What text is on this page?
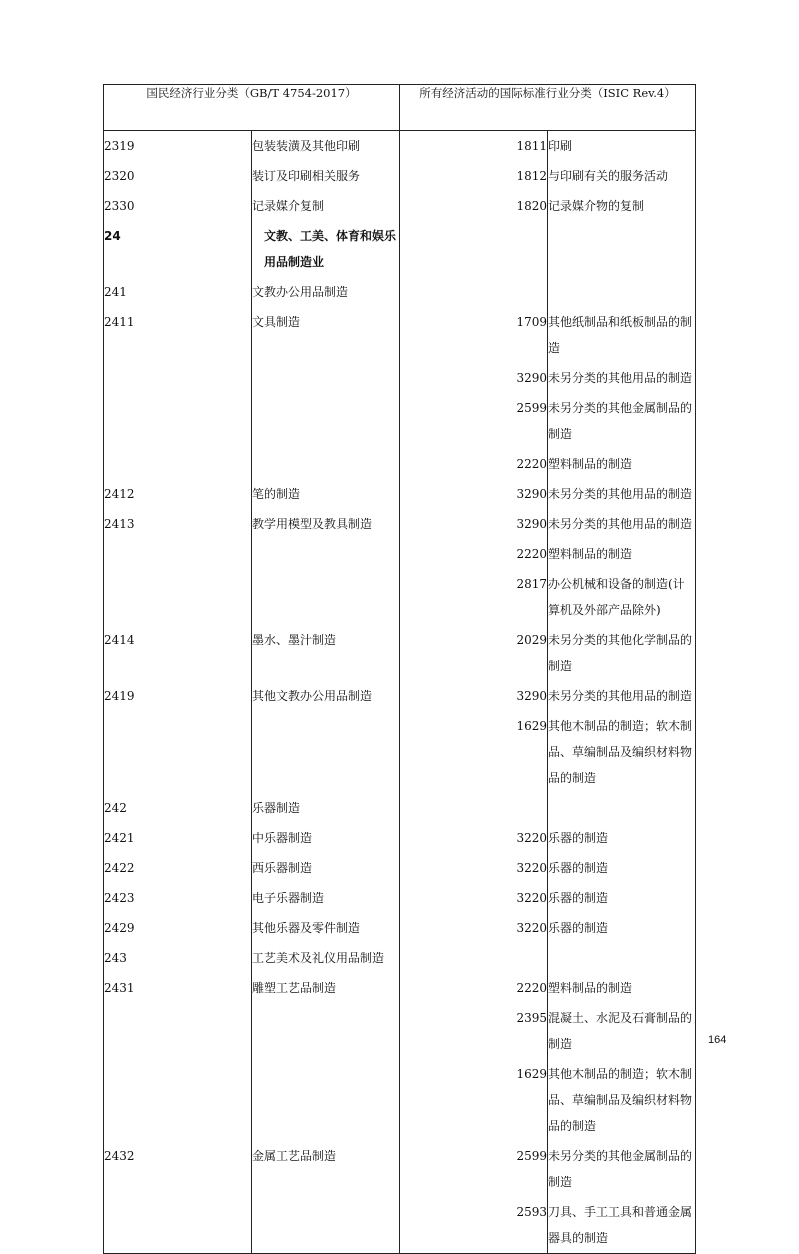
国民经济行业分类（GB/T 4754-2017）		所有经济活动的国际标准行业分类（ISIC Rev.4）	
2319	包装装潢及其他印刷	1811	印刷
2320	装订及印刷相关服务	1812	与印刷有关的服务活动
2330	记录媒介复制	1820	记录媒介物的复制
24	文教、工美、体育和娱乐用品制造业		
241	文教办公用品制造		
2411	文具制造	1709	其他纸制品和纸板制品的制造
		3290	未另分类的其他用品的制造
		2599	未另分类的其他金属制品的制造
		2220	塑料制品的制造
2412	笔的制造	3290	未另分类的其他用品的制造
2413	教学用模型及教具制造	3290	未另分类的其他用品的制造
		2220	塑料制品的制造
		2817	办公机械和设备的制造(计算机及外部产品除外)
2414	墨水、墨汁制造	2029	未另分类的其他化学制品的制造
2419	其他文教办公用品制造	3290	未另分类的其他用品的制造
		1629	其他木制品的制造；软木制品、草编制品及编织材料物品的制造
242	乐器制造		
2421	中乐器制造	3220	乐器的制造
2422	西乐器制造	3220	乐器的制造
2423	电子乐器制造	3220	乐器的制造
2429	其他乐器及零件制造	3220	乐器的制造
243	工艺美术及礼仪用品制造		
2431	雕塑工艺品制造	2220	塑料制品的制造
		2395	混凝土、水泥及石膏制品的制造
		1629	其他木制品的制造；软木制品、草编制品及编织材料物品的制造
2432	金属工艺品制造	2599	未另分类的其他金属制品的制造
		2593	刀具、手工工具和普通金属器具的制造
164
